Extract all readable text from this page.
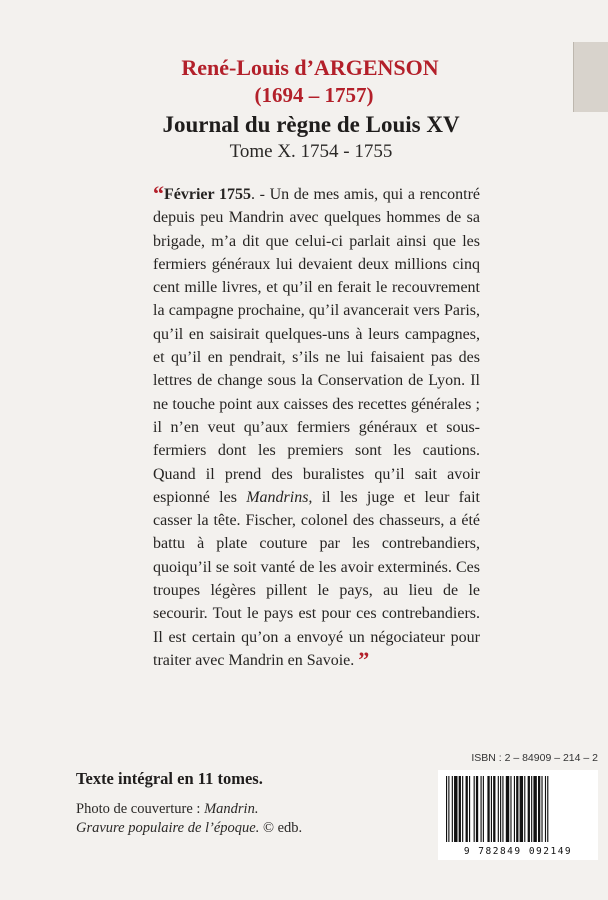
René-Louis d’ARGENSON
(1694 – 1757)
Journal du règne de Louis XV
Tome X. 1754 - 1755

“Février 1755. - Un de mes amis, qui a rencontré depuis peu Mandrin avec quelques hommes de sa brigade, m’a dit que celui-ci parlait ainsi que les fermiers généraux lui devaient deux millions cinq cent mille livres, et qu’il en ferait le recouvrement la campagne prochaine, qu’il avancerait vers Paris, qu’il en saisirait quelques-uns à leurs campagnes, et qu’il en pendrait, s’ils ne lui faisaient pas des lettres de change sous la Conservation de Lyon. Il ne touche point aux caisses des recettes générales ; il n’en veut qu’aux fermiers généraux et sous-fermiers dont les premiers sont les cautions. Quand il prend des buralistes qu’il sait avoir espionné les Mandrins, il les juge et leur fait casser la tête. Fischer, colonel des chasseurs, a été battu à plate couture par les contrebandiers, quoiqu’il se soit vanté de les avoir exterminés. Ces troupes légères pillent le pays, au lieu de le secourir. Tout le pays est pour ces contrebandiers. Il est certain qu’on a envoyé un négociateur pour traiter avec Mandrin en Savoie. ”

Texte intégral en 11 tomes.
Photo de couverture : Mandrin.
Gravure populaire de l’époque. © edb.
ISBN : 2 – 84909 – 214 – 2
9 782849 092149
